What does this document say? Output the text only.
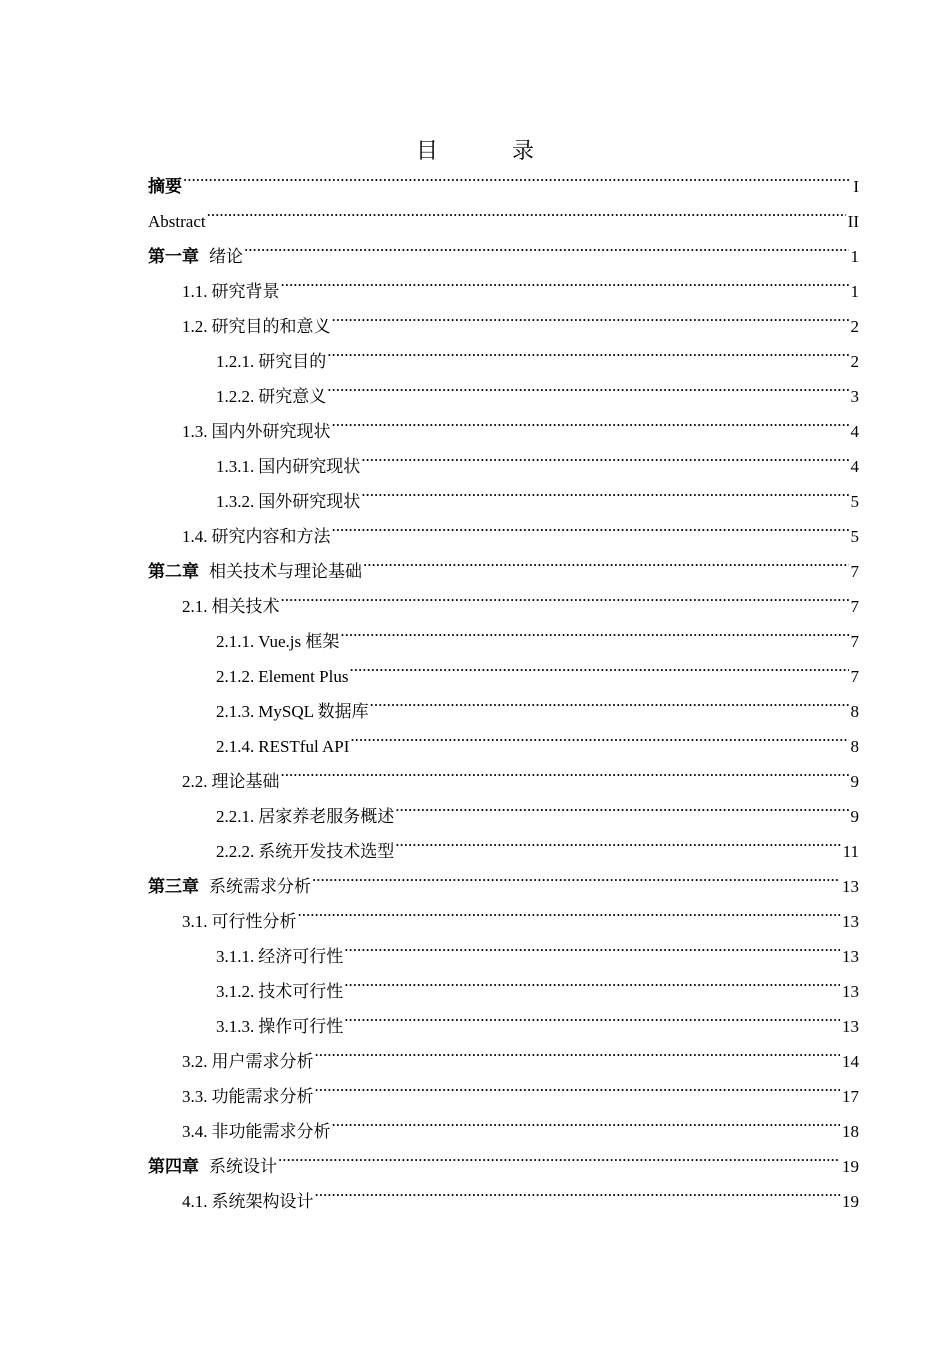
目　录
摘要 .....	I
Abstract .....	II
第一章 绪论 .....	1
1.1. 研究背景 .....	1
1.2. 研究目的和意义 .....	2
1.2.1. 研究目的 .....	2
1.2.2. 研究意义 .....	3
1.3. 国内外研究现状 .....	4
1.3.1. 国内研究现状 .....	4
1.3.2. 国外研究现状 .....	5
1.4. 研究内容和方法 .....	5
第二章 相关技术与理论基础 .....	7
2.1. 相关技术 .....	7
2.1.1. Vue.js 框架 .....	7
2.1.2. Element Plus .....	7
2.1.3. MySQL 数据库 .....	8
2.1.4. RESTful API .....	8
2.2. 理论基础 .....	9
2.2.1. 居家养老服务概述 .....	9
2.2.2. 系统开发技术选型 .....	11
第三章 系统需求分析 .....	13
3.1. 可行性分析 .....	13
3.1.1. 经济可行性 .....	13
3.1.2. 技术可行性 .....	13
3.1.3. 操作可行性 .....	13
3.2. 用户需求分析 .....	14
3.3. 功能需求分析 .....	17
3.4. 非功能需求分析 .....	18
第四章 系统设计 .....	19
4.1. 系统架构设计 .....	19
